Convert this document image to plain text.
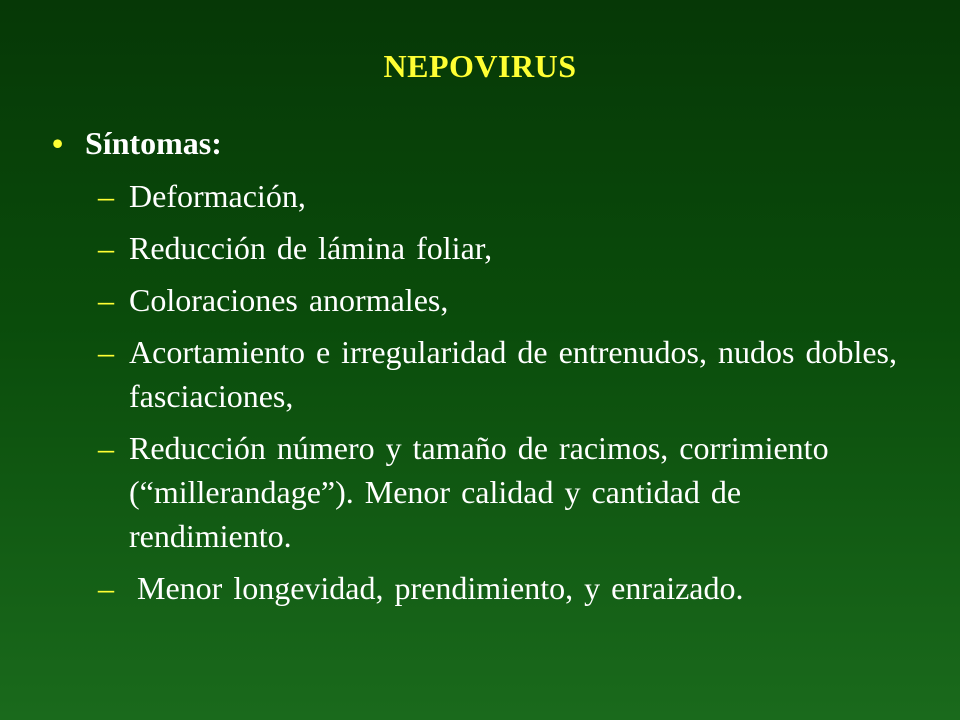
NEPOVIRUS
• Síntomas:
– Deformación,
– Reducción de lámina foliar,
– Coloraciones anormales,
– Acortamiento e irregularidad de entrenudos, nudos dobles, fasciaciones,
– Reducción número y tamaño de racimos, corrimiento (“millerandage”). Menor calidad y cantidad de rendimiento.
– Menor longevidad, prendimiento, y enraizado.
